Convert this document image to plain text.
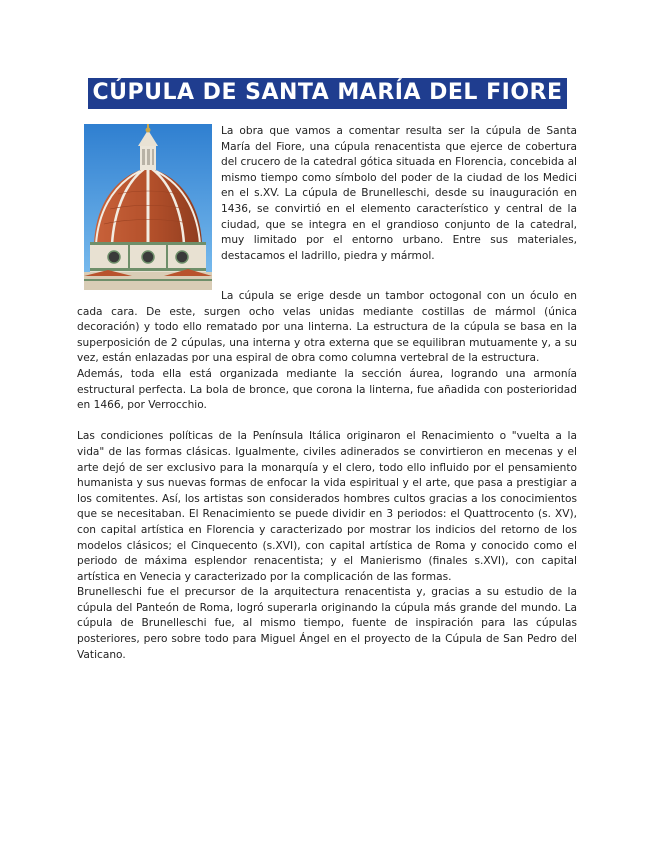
CÚPULA DE SANTA MARÍA DEL FIORE

La obra que vamos a comentar resulta ser la cúpula de Santa María del Fiore, una cúpula renacentista que ejerce de cobertura del crucero de la catedral gótica situada en Florencia, concebida al mismo tiempo como símbolo del poder de la ciudad de los Medici en el s.XV. La cúpula de Brunelleschi, desde su inauguración en 1436, se convirtió en el elemento característico y central de la ciudad, que se integra en el grandioso conjunto de la catedral, muy limitado por el entorno urbano. Entre sus materiales, destacamos el ladrillo, piedra y mármol.

La cúpula se erige desde un tambor octogonal con un óculo en cada cara. De este, surgen ocho velas unidas mediante costillas de mármol (única decoración) y todo ello rematado por una linterna. La estructura de la cúpula se basa en la superposición de 2 cúpulas, una interna y otra externa que se equilibran mutuamente y, a su vez, están enlazadas por una espiral de obra como columna vertebral de la estructura.

Además, toda ella está organizada mediante la sección áurea, logrando una armonía estructural perfecta. La bola de bronce, que corona la linterna, fue añadida con posterioridad en 1466, por Verrocchio.

Las condiciones políticas de la Península Itálica originaron el Renacimiento o "vuelta a la vida" de las formas clásicas. Igualmente, civiles adinerados se convirtieron en mecenas y el arte dejó de ser exclusivo para la monarquía y el clero, todo ello influido por el pensamiento humanista y sus nuevas formas de enfocar la vida espiritual y el arte, que pasa a prestigiar a los comitentes. Así, los artistas son considerados hombres cultos gracias a los conocimientos que se necesitaban. El Renacimiento se puede dividir en 3 periodos: el Quattrocento (s. XV), con capital artística en Florencia y caracterizado por mostrar los indicios del retorno de los modelos clásicos; el Cinquecento (s.XVI), con capital artística de Roma y conocido como el periodo de máxima esplendor renacentista; y el Manierismo (finales s.XVI), con capital artística en Venecia y caracterizado por la complicación de las formas.

Brunelleschi fue el precursor de la arquitectura renacentista y, gracias a su estudio de la cúpula del Panteón de Roma, logró superarla originando la cúpula más grande del mundo. La cúpula de Brunelleschi fue, al mismo tiempo, fuente de inspiración para las cúpulas posteriores, pero sobre todo para Miguel Ángel en el proyecto de la Cúpula de San Pedro del Vaticano.
